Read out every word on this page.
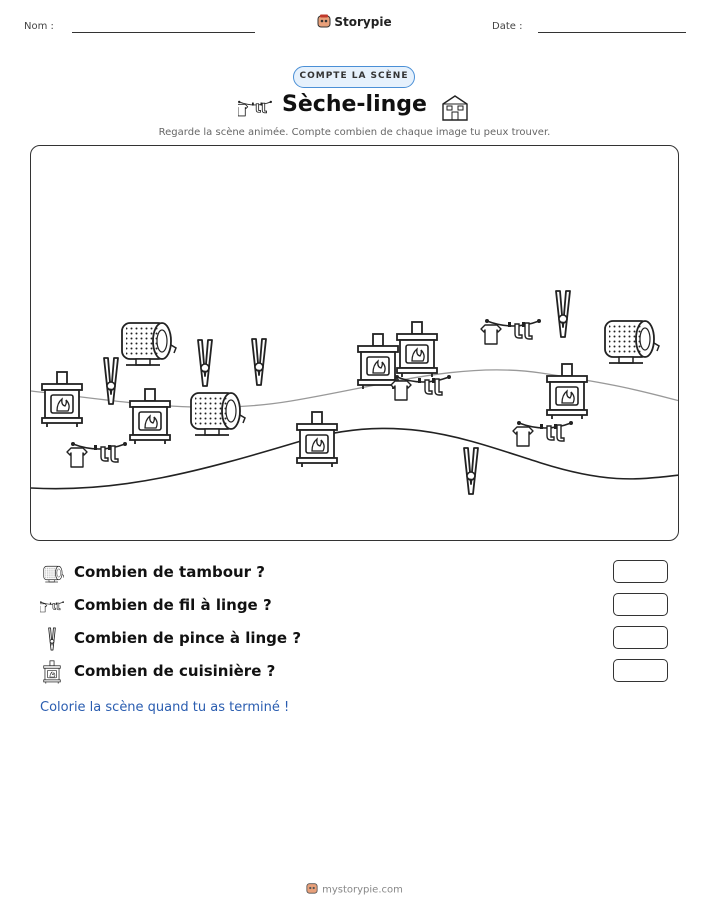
Nom :	Storypie	Date :
COMPTE LA SCÈNE
Sèche-linge
Regarde la scène animée. Compte combien de chaque image tu peux trouver.
Combien de tambour ?
Combien de fil à linge ?
Combien de pince à linge ?
Combien de cuisinière ?
Colorie la scène quand tu as terminé !
mystorypie.com
